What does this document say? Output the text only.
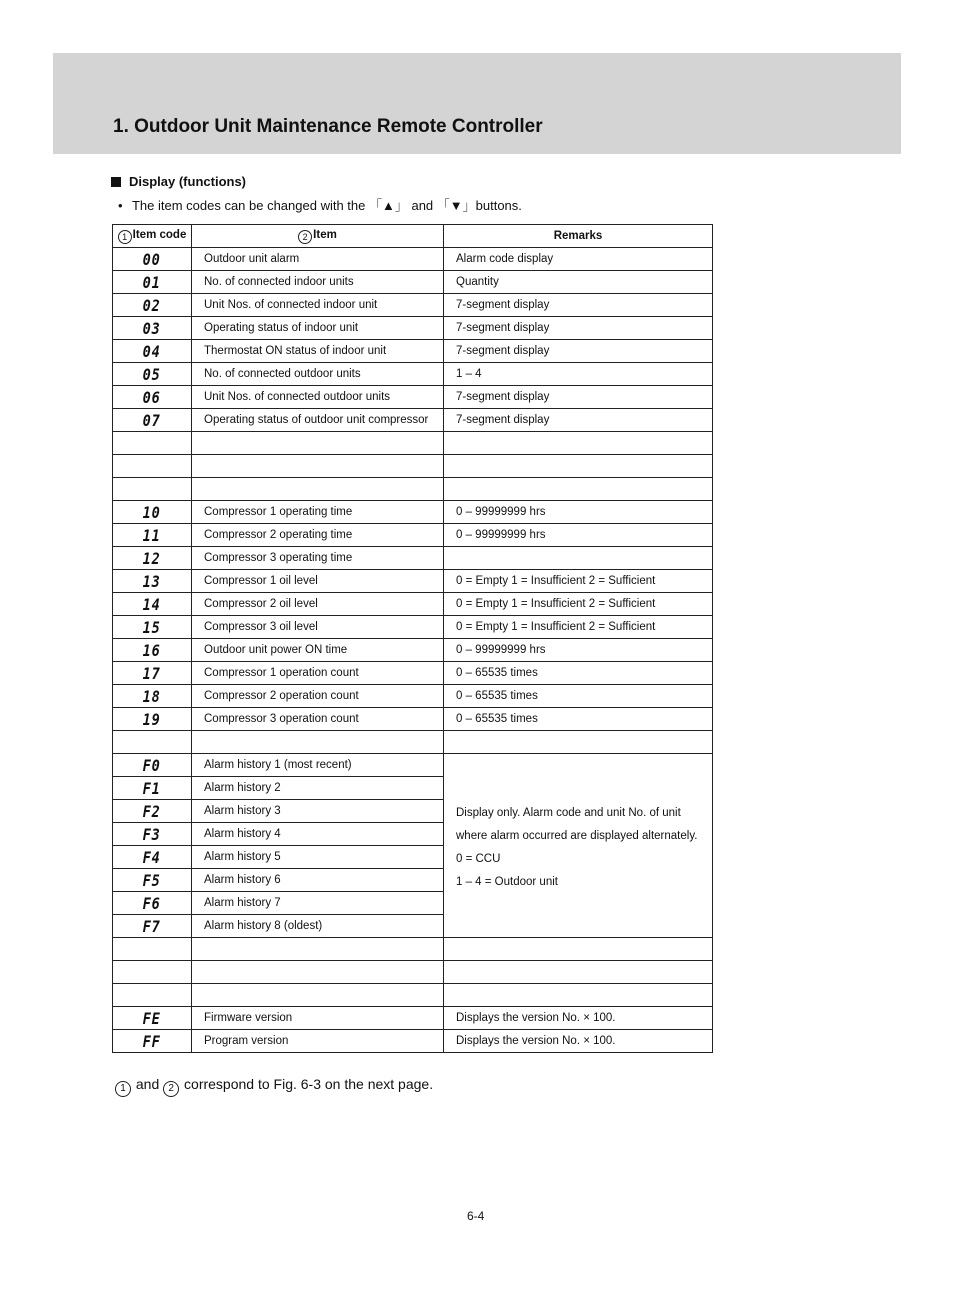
1. Outdoor Unit Maintenance Remote Controller
Display (functions)
• The item codes can be changed with the 「▲」 and 「▼」buttons.
1 Item code	2 Item	Remarks
00	Outdoor unit alarm	Alarm code display
01	No. of connected indoor units	Quantity
02	Unit Nos. of connected indoor unit	7-segment display
03	Operating status of indoor unit	7-segment display
04	Thermostat ON status of indoor unit	7-segment display
05	No. of connected outdoor units	1 – 4
06	Unit Nos. of connected outdoor units	7-segment display
07	Operating status of outdoor unit compressor	7-segment display

10	Compressor 1 operating time	0 – 99999999 hrs
11	Compressor 2 operating time	0 – 99999999 hrs
12	Compressor 3 operating time	
13	Compressor 1 oil level	0 = Empty 1 = Insufficient 2 = Sufficient
14	Compressor 2 oil level	0 = Empty 1 = Insufficient 2 = Sufficient
15	Compressor 3 oil level	0 = Empty 1 = Insufficient 2 = Sufficient
16	Outdoor unit power ON time	0 – 99999999 hrs
17	Compressor 1 operation count	0 – 65535 times
18	Compressor 2 operation count	0 – 65535 times
19	Compressor 3 operation count	0 – 65535 times

F0	Alarm history 1 (most recent)	Display only. Alarm code and unit No. of unit
where alarm occurred are displayed alternately.
0 = CCU
1 – 4 = Outdoor unit

F1	Alarm history 2	
F2	Alarm history 3	
F3	Alarm history 4	
F4	Alarm history 5	
F5	Alarm history 6	
F6	Alarm history 7	
F7	Alarm history 8 (oldest)	

FE	Firmware version	Displays the version No. × 100.
FF	Program version	Displays the version No. × 100.
1 and 2 correspond to Fig. 6-3 on the next page.
6-4
